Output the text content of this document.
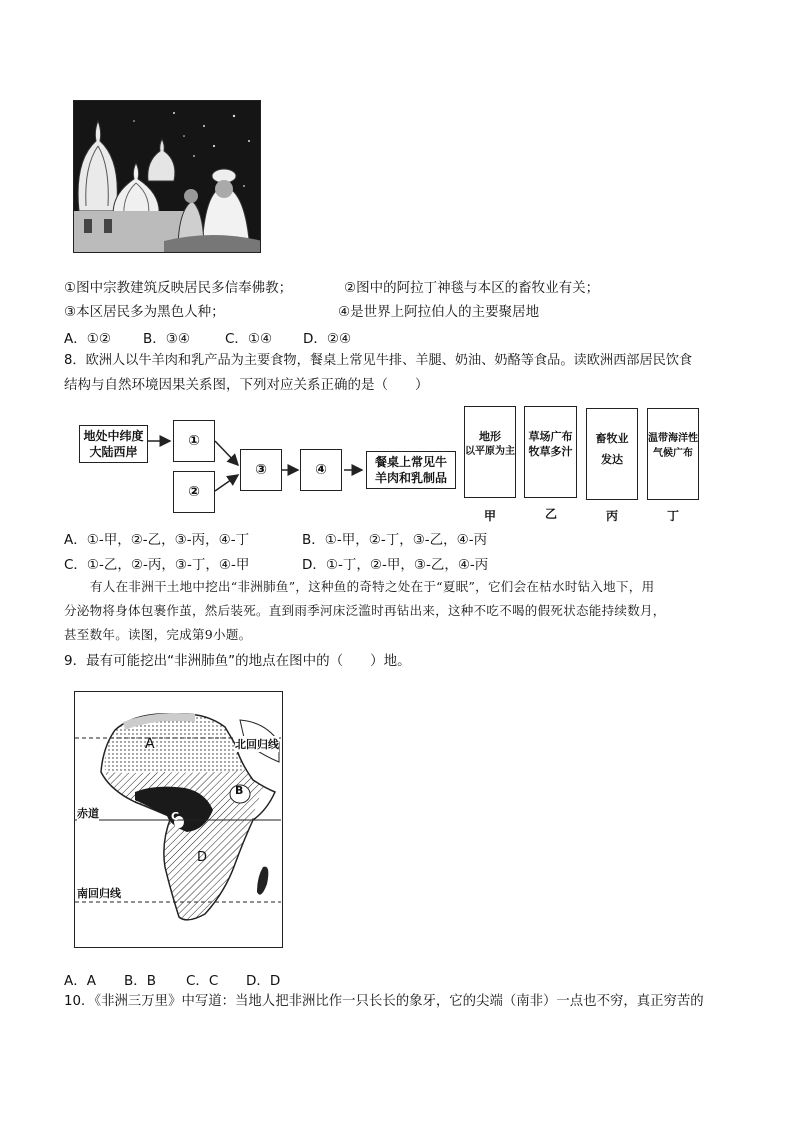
①图中宗教建筑反映居民多信奉佛教；	②图中的阿拉丁神毯与本区的畜牧业有关；
③本区居民多为黑色人种；	④是世界上阿拉伯人的主要聚居地
A．①② B．③④	C．①④ D．②④
8．欧洲人以牛羊肉和乳产品为主要食物，餐桌上常见牛排、羊腿、奶油、奶酪等食品。读欧洲西部居民饮食
结构与自然环境因果关系图，下列对应关系正确的是（　　）
地处中纬度
大陆西岸
①
②
③	④	餐桌上常见牛
羊肉和乳制品
地形
以平原为主
草场广布
牧草多汁
畜牧业
发达
温带海洋性
气候广布
甲	乙	丙	丁
A．①-甲，②-乙，③-丙，④-丁	B．①-甲，②-丁，③-乙，④-丙
C．①-乙，②-丙，③-丁，④-甲	D．①-丁，②-甲，③-乙，④-丙
有人在非洲干土地中挖出“非洲肺鱼”，这种鱼的奇特之处在于“夏眠”，它们会在枯水时钻入地下，用
分泌物将身体包裹作茧，然后装死。直到雨季河床泛滥时再钻出来，这种不吃不喝的假死状态能持续数月，
甚至数年。读图，完成第9小题。
9．最有可能挖出“非洲肺鱼”的地点在图中的（　　）地。
A
B
C
D
北回归线
赤道
南回归线
A．A B．B C．C D．D
10．《非洲三万里》中写道：当地人把非洲比作一只长长的象牙，它的尖端（南非）一点也不穷，真正穷苦的
